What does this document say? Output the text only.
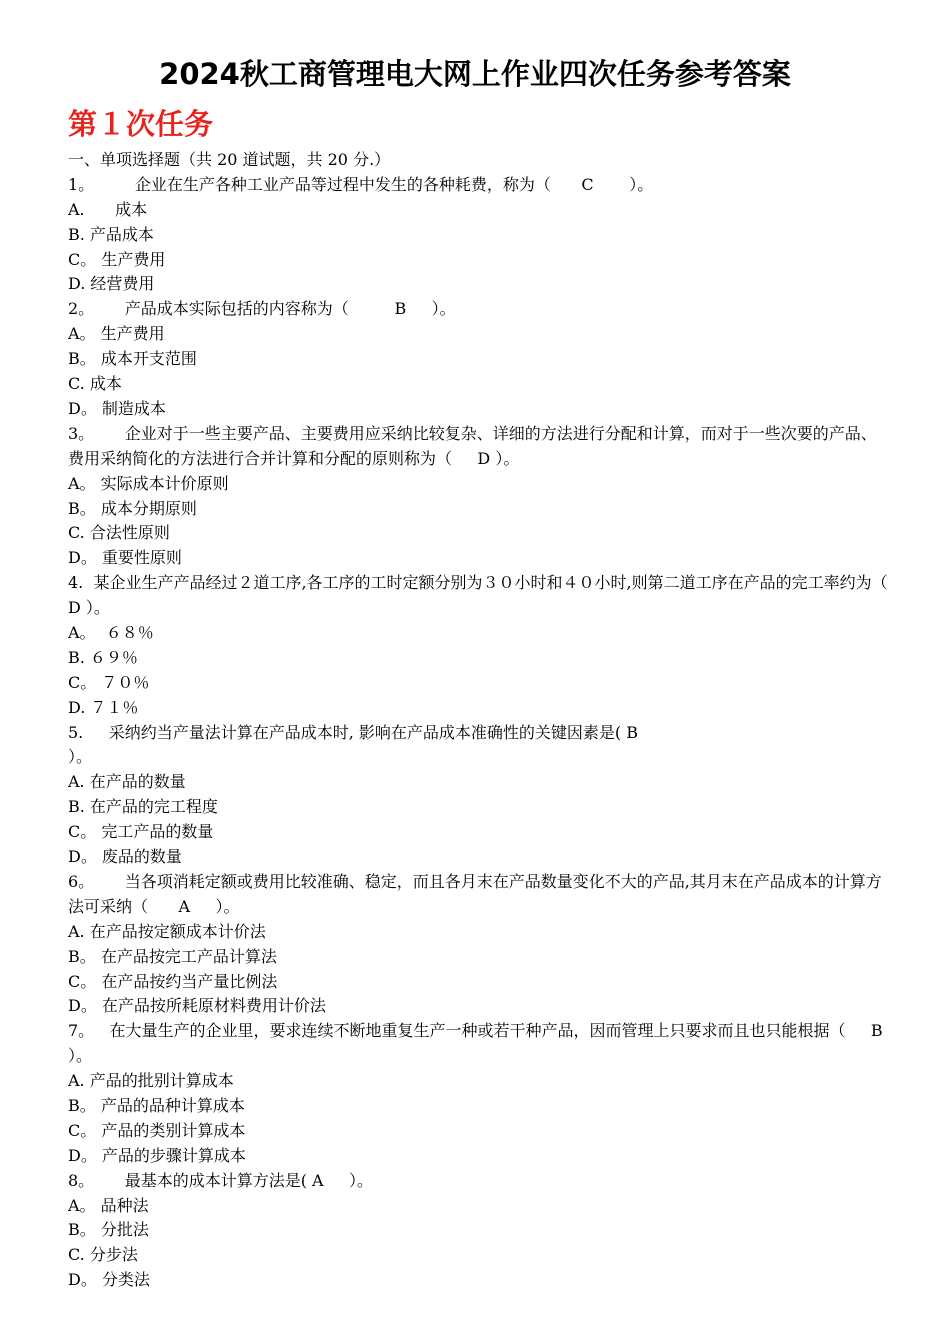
2024秋工商管理电大网上作业四次任务参考答案
第１次任务
一、单项选择题（共 20 道试题，共 20 分.）
1。        企业在生产各种工业产品等过程中发生的各种耗费，称为（      C       ）。
A.      成本
B. 产品成本
C。 生产费用
D. 经营费用
2。      产品成本实际包括的内容称为（         B     ）。
A。 生产费用
B。 成本开支范围
C. 成本
D。 制造成本
3。      企业对于一些主要产品、主要费用应采纳比较复杂、详细的方法进行分配和计算，而对于一些次要的产品、费用采纳简化的方法进行合并计算和分配的原则称为（     D ）。
A。 实际成本计价原则
B。 成本分期原则
C. 合法性原则
D。 重要性原则
4.  某企业生产产品经过２道工序,各工序的工时定额分别为３０小时和４０小时,则第二道工序在产品的完工率约为（   D ）。
A。  ６８％
B. ６９％
C。 ７０％
D. ７１％
5.     采纳约当产量法计算在产品成本时, 影响在产品成本准确性的关键因素是( B
）。
A. 在产品的数量
B. 在产品的完工程度
C。 完工产品的数量
D。 废品的数量
6。      当各项消耗定额或费用比较准确、稳定，而且各月末在产品数量变化不大的产品,其月末在产品成本的计算方法可采纳（      A     ）。
A. 在产品按定额成本计价法
B。 在产品按完工产品计算法
C。 在产品按约当产量比例法
D。 在产品按所耗原材料费用计价法
7。   在大量生产的企业里，要求连续不断地重复生产一种或若干种产品，因而管理上只要求而且也只能根据（     B       ）。
A. 产品的批别计算成本
B。 产品的品种计算成本
C。 产品的类别计算成本
D。 产品的步骤计算成本
8。      最基本的成本计算方法是( A     ）。
A。 品种法
B。 分批法
C. 分步法
D。 分类法
